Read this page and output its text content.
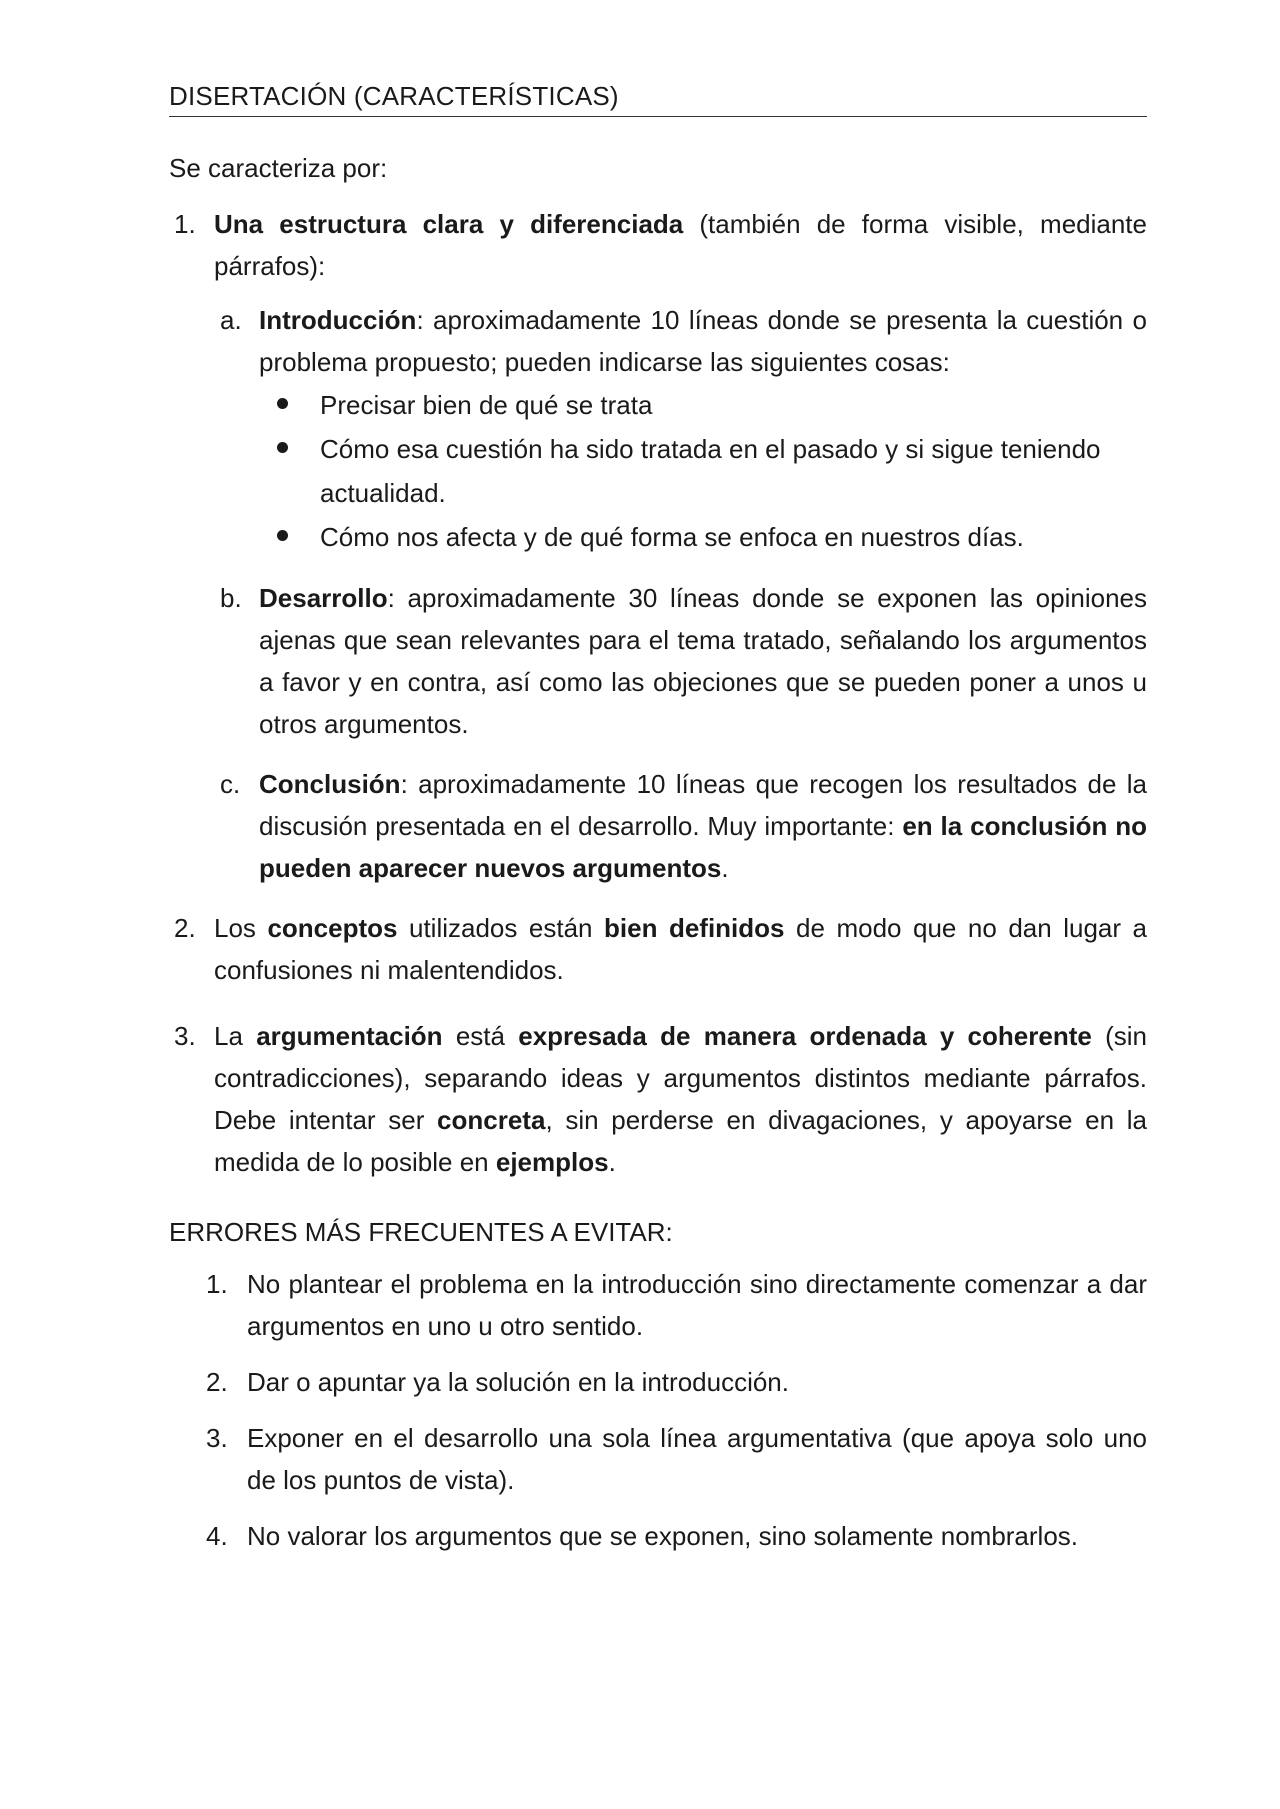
DISERTACIÓN (CARACTERÍSTICAS)

Se caracteriza por:

1. Una estructura clara y diferenciada (también de forma visible, mediante párrafos):

a. Introducción: aproximadamente 10 líneas donde se presenta la cuestión o problema propuesto; pueden indicarse las siguientes cosas:

Precisar bien de qué se trata
Cómo esa cuestión ha sido tratada en el pasado y si sigue teniendo actualidad.
Cómo nos afecta y de qué forma se enfoca en nuestros días.
b. Desarrollo: aproximadamente 30 líneas donde se exponen las opiniones ajenas que sean relevantes para el tema tratado, señalando los argumentos a favor y en contra, así como las objeciones que se pueden poner a unos u otros argumentos.

c. Conclusión: aproximadamente 10 líneas que recogen los resultados de la discusión presentada en el desarrollo. Muy importante: en la conclusión no pueden aparecer nuevos argumentos.

2. Los conceptos utilizados están bien definidos de modo que no dan lugar a confusiones ni malentendidos.

3. La argumentación está expresada de manera ordenada y coherente (sin contradicciones), separando ideas y argumentos distintos mediante párrafos. Debe intentar ser concreta, sin perderse en divagaciones, y apoyarse en la medida de lo posible en ejemplos.

ERRORES MÁS FRECUENTES A EVITAR:

1. No plantear el problema en la introducción sino directamente comenzar a dar argumentos en uno u otro sentido.

2. Dar o apuntar ya la solución en la introducción.

3. Exponer en el desarrollo una sola línea argumentativa (que apoya solo uno de los puntos de vista).

4. No valorar los argumentos que se exponen, sino solamente nombrarlos.
